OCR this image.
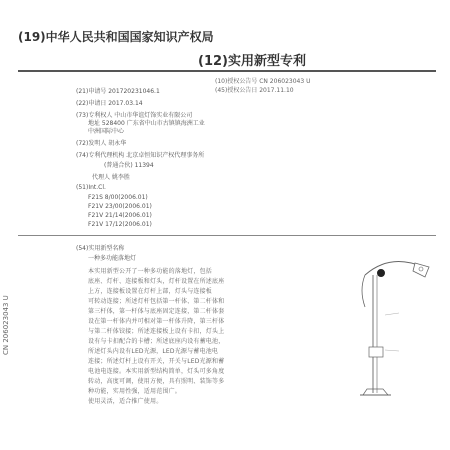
(19)中华人民共和国国家知识产权局
(12)实用新型专利
(10)授权公告号 CN 206023043 U
(45)授权公告日 2017.11.10
(21)申请号 201720231046.1
(22)申请日 2017.03.14
(73)专利权人 中山市华谊灯饰实业有限公司
地址 528400 广东省中山市古镇镇海洲工业
中洲国际中心
(72)发明人 胡永华
(74)专利代理机构 北京卓恒知识产权代理事务所
(普通合伙) 11394
代理人 姚李胜
(51)Int.Cl.
F21S 8/00(2006.01)
F21V 23/00(2006.01)
F21V 21/14(2006.01)
F21V 17/12(2006.01)
(54)实用新型名称
一种多功能落地灯
本实用新型公开了一种多功能的落地灯，包括
底座、灯杆、连接板和灯头，灯杆设置在所述底座
上方，连接板设置在灯杆上部，灯头与连接板
可转动连接；所述灯杆包括第一杆体、第二杆体和
第三杆体，第一杆体与底座固定连接，第二杆体套
设在第一杆体内并可相对第一杆体升降，第三杆体
与第二杆体铰接；所述连接板上设有卡扣，灯头上
设有与卡扣配合的卡槽；所述底座内设有蓄电池，
所述灯头内设有LED光源，LED光源与蓄电池电
连接；所述灯杆上设有开关，开关与LED光源和蓄
电池电连接。本实用新型结构简单，灯头可多角度
转动，高度可调，使用方便，具有照明、装饰等多
种功能，实用性强，适用范围广。
使用灵活，适合推广使用。
CN 206023043 U
